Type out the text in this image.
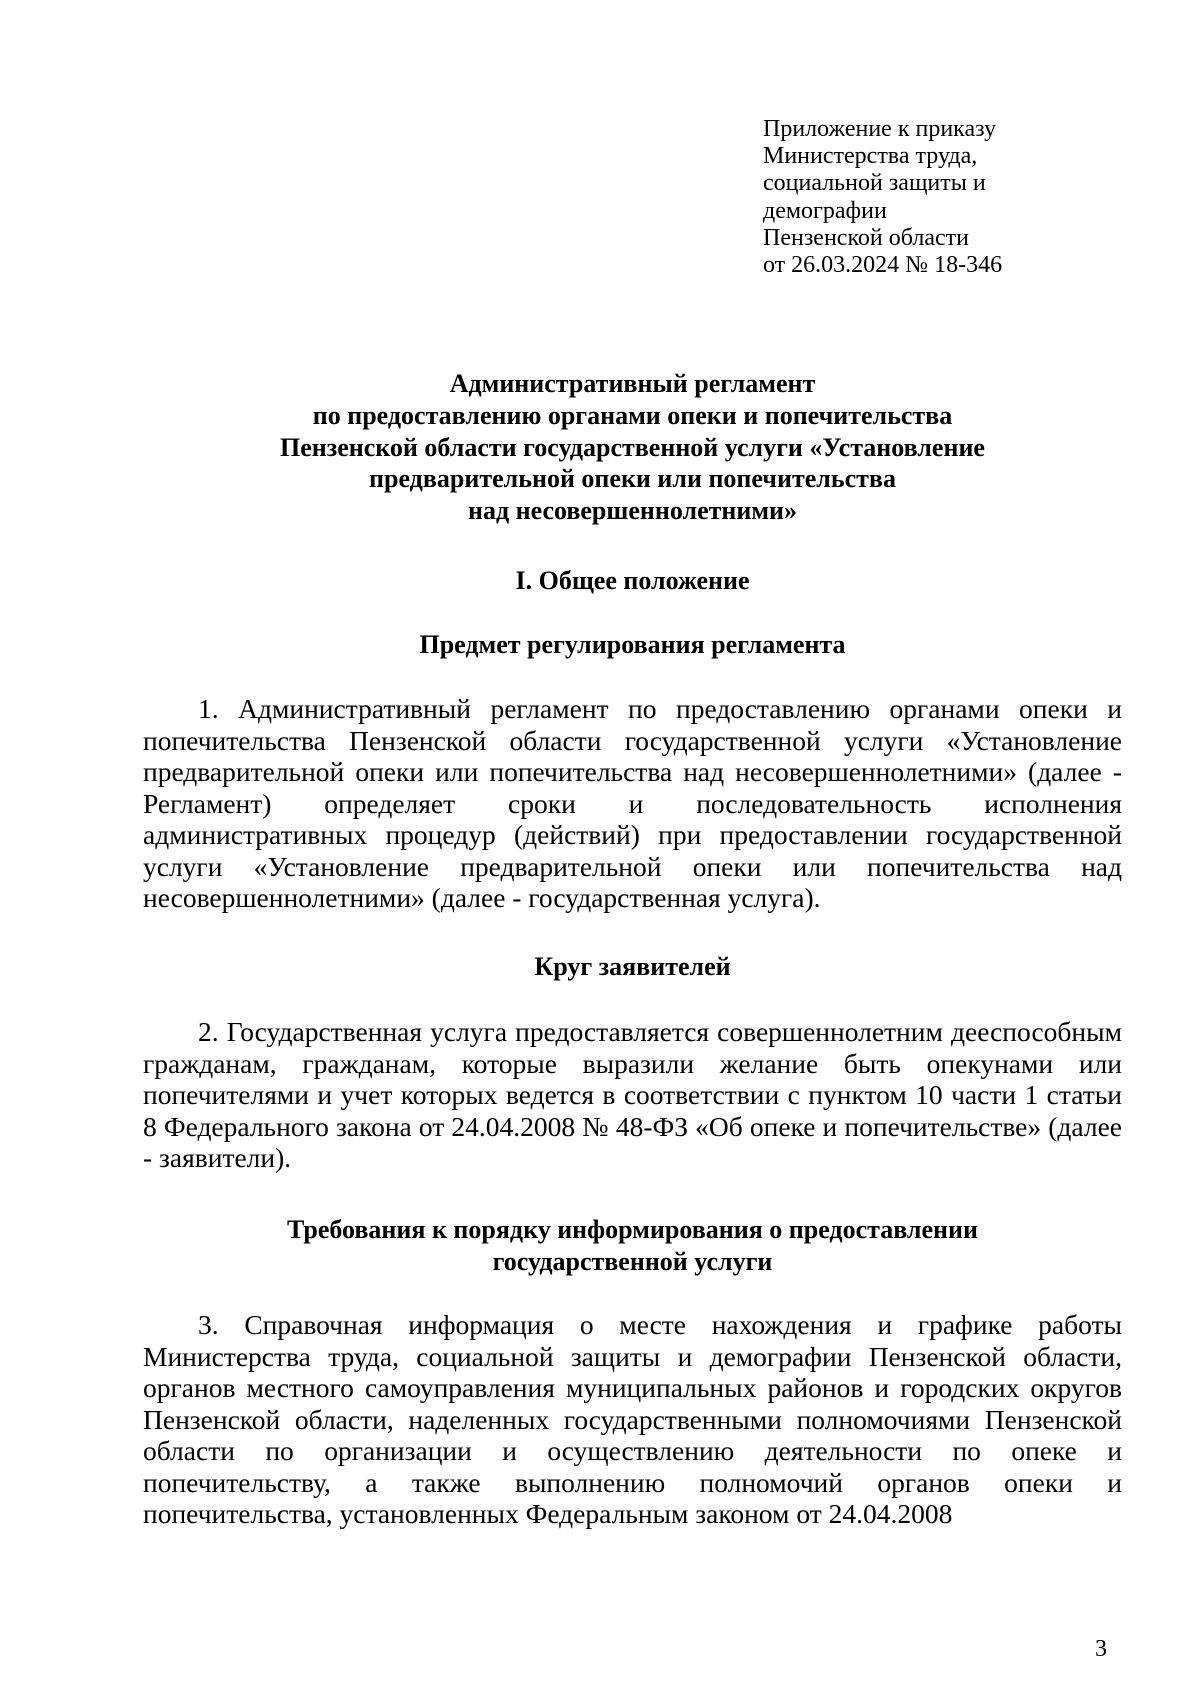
Приложение к приказу
Министерства труда,
социальной защиты и
демографии
Пензенской области
от 26.03.2024 № 18-346
Административный регламент
по предоставлению органами опеки и попечительства
Пензенской области государственной услуги «Установление
предварительной опеки или попечительства
над несовершеннолетними»
I. Общее положение
Предмет регулирования регламента
1. Административный регламент по предоставлению органами опеки и попечительства Пензенской области государственной услуги «Установление предварительной опеки или попечительства над несовершеннолетними» (далее - Регламент) определяет сроки и последовательность исполнения административных процедур (действий) при предоставлении государственной услуги «Установление предварительной опеки или попечительства над несовершеннолетними» (далее - государственная услуга).
Круг заявителей
2. Государственная услуга предоставляется совершеннолетним дееспособным гражданам, гражданам, которые выразили желание быть опекунами или попечителями и учет которых ведется в соответствии с пунктом 10 части 1 статьи 8 Федерального закона от 24.04.2008 № 48-ФЗ «Об опеке и попечительстве» (далее - заявители).
Требования к порядку информирования о предоставлении
государственной услуги
3. Справочная информация о месте нахождения и графике работы Министерства труда, социальной защиты и демографии Пензенской области, органов местного самоуправления муниципальных районов и городских округов Пензенской области, наделенных государственными полномочиями Пензенской области по организации и осуществлению деятельности по опеке и попечительству, а также выполнению полномочий органов опеки и попечительства, установленных Федеральным законом от 24.04.2008
3
